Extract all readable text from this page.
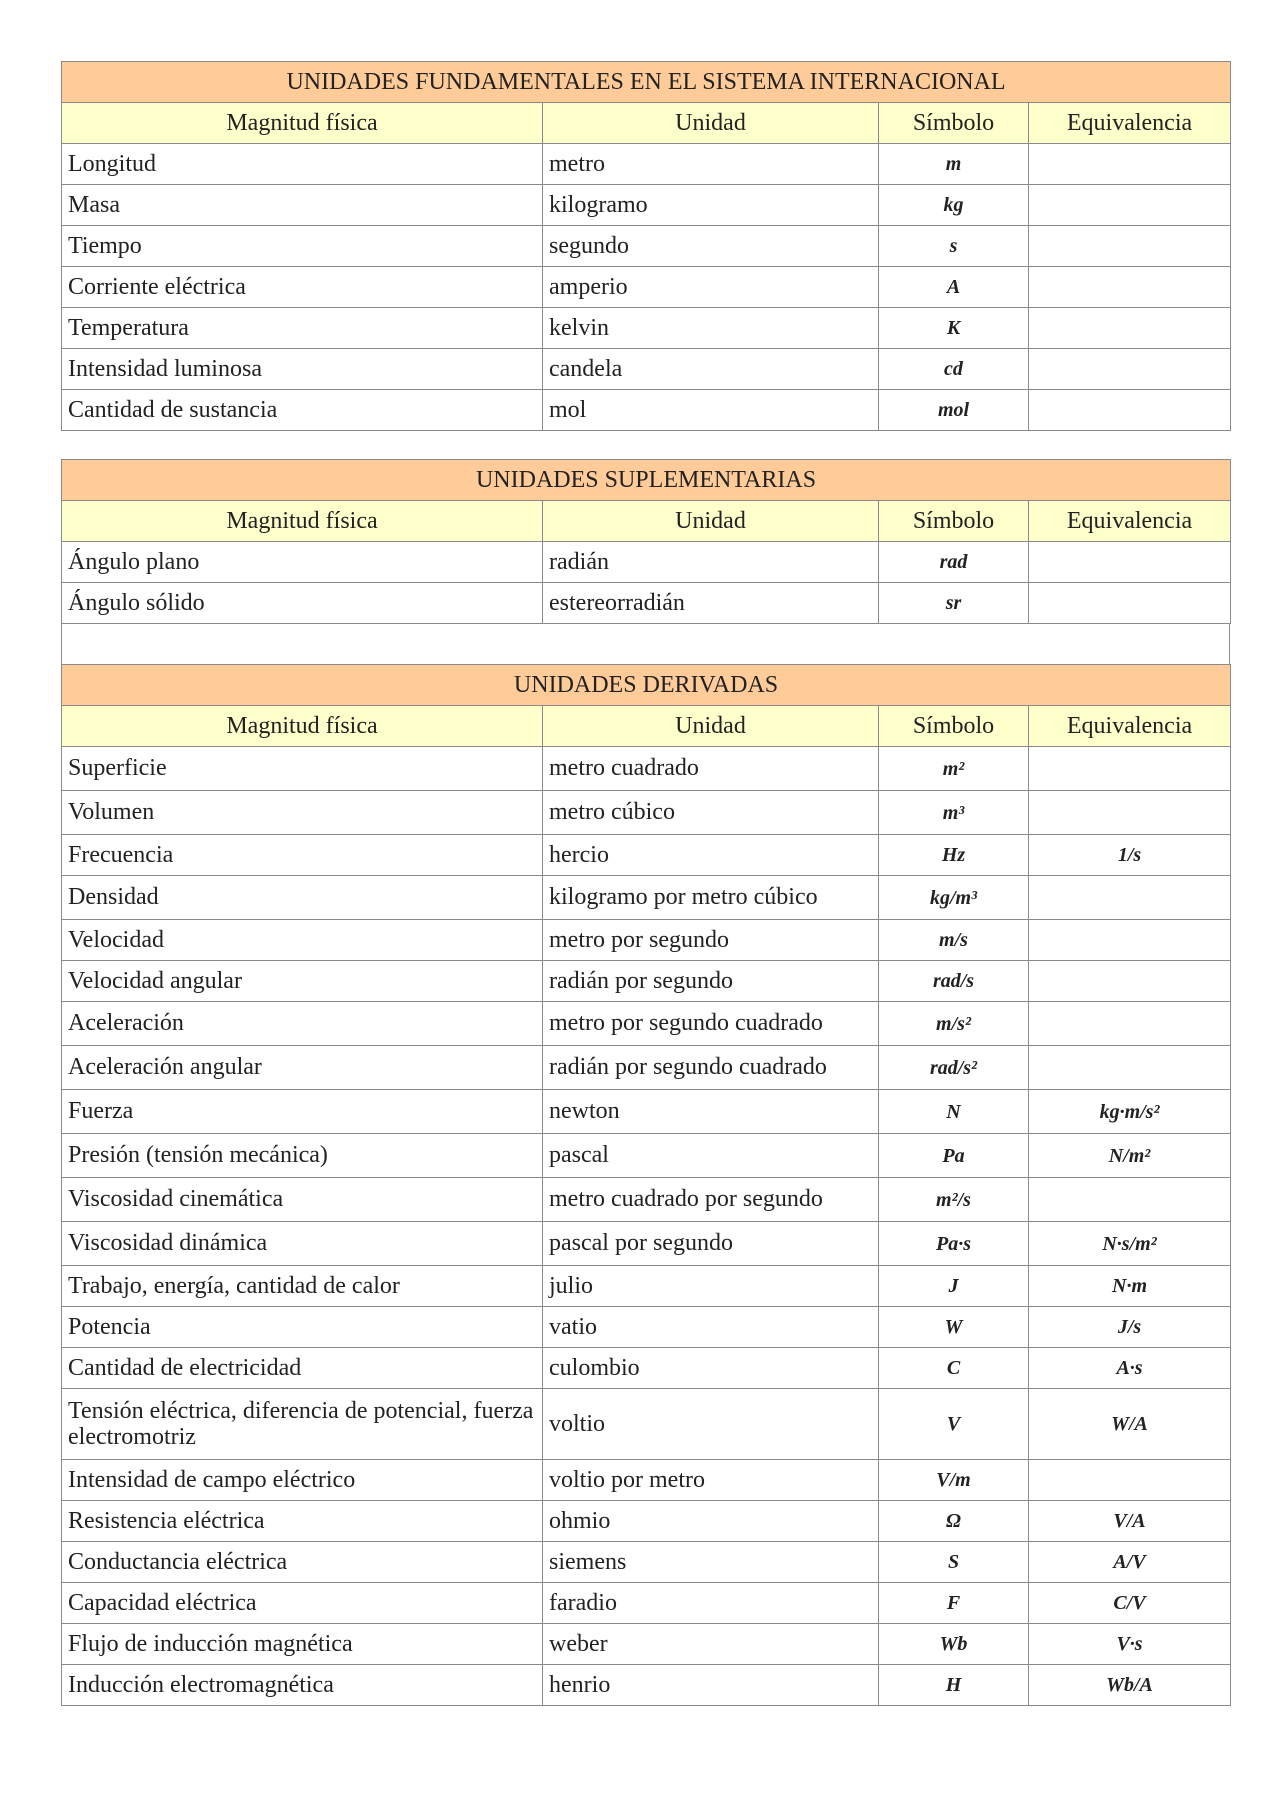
UNIDADES FUNDAMENTALES EN EL SISTEMA INTERNACIONAL			
Magnitud física	Unidad	Símbolo	Equivalencia
Longitud	metro	m	
Masa	kilogramo	kg	
Tiempo	segundo	s	
Corriente eléctrica	amperio	A	
Temperatura	kelvin	K	
Intensidad luminosa	candela	cd	
Cantidad de sustancia	mol	mol	
UNIDADES SUPLEMENTARIAS			
Magnitud física	Unidad	Símbolo	Equivalencia
Ángulo plano	radián	rad	
Ángulo sólido	estereorradián	sr	
UNIDADES DERIVADAS			
Magnitud física	Unidad	Símbolo	Equivalencia
Superficie	metro cuadrado	m²	
Volumen	metro cúbico	m³	
Frecuencia	hercio	Hz	1/s
Densidad	kilogramo por metro cúbico	kg/m³	
Velocidad	metro por segundo	m/s	
Velocidad angular	radián por segundo	rad/s	
Aceleración	metro por segundo cuadrado	m/s²	
Aceleración angular	radián por segundo cuadrado	rad/s²	
Fuerza	newton	N	kg·m/s²
Presión (tensión mecánica)	pascal	Pa	N/m²
Viscosidad cinemática	metro cuadrado por segundo	m²/s	
Viscosidad dinámica	pascal por segundo	Pa·s	N·s/m²
Trabajo, energía, cantidad de calor	julio	J	N·m
Potencia	vatio	W	J/s
Cantidad de electricidad	culombio	C	A·s
Tensión eléctrica, diferencia de potencial, fuerza electromotriz	voltio	V	W/A
Intensidad de campo eléctrico	voltio por metro	V/m	
Resistencia eléctrica	ohmio	Ω	V/A
Conductancia eléctrica	siemens	S	A/V
Capacidad eléctrica	faradio	F	C/V
Flujo de inducción magnética	weber	Wb	V·s
Inducción electromagnética	henrio	H	Wb/A
